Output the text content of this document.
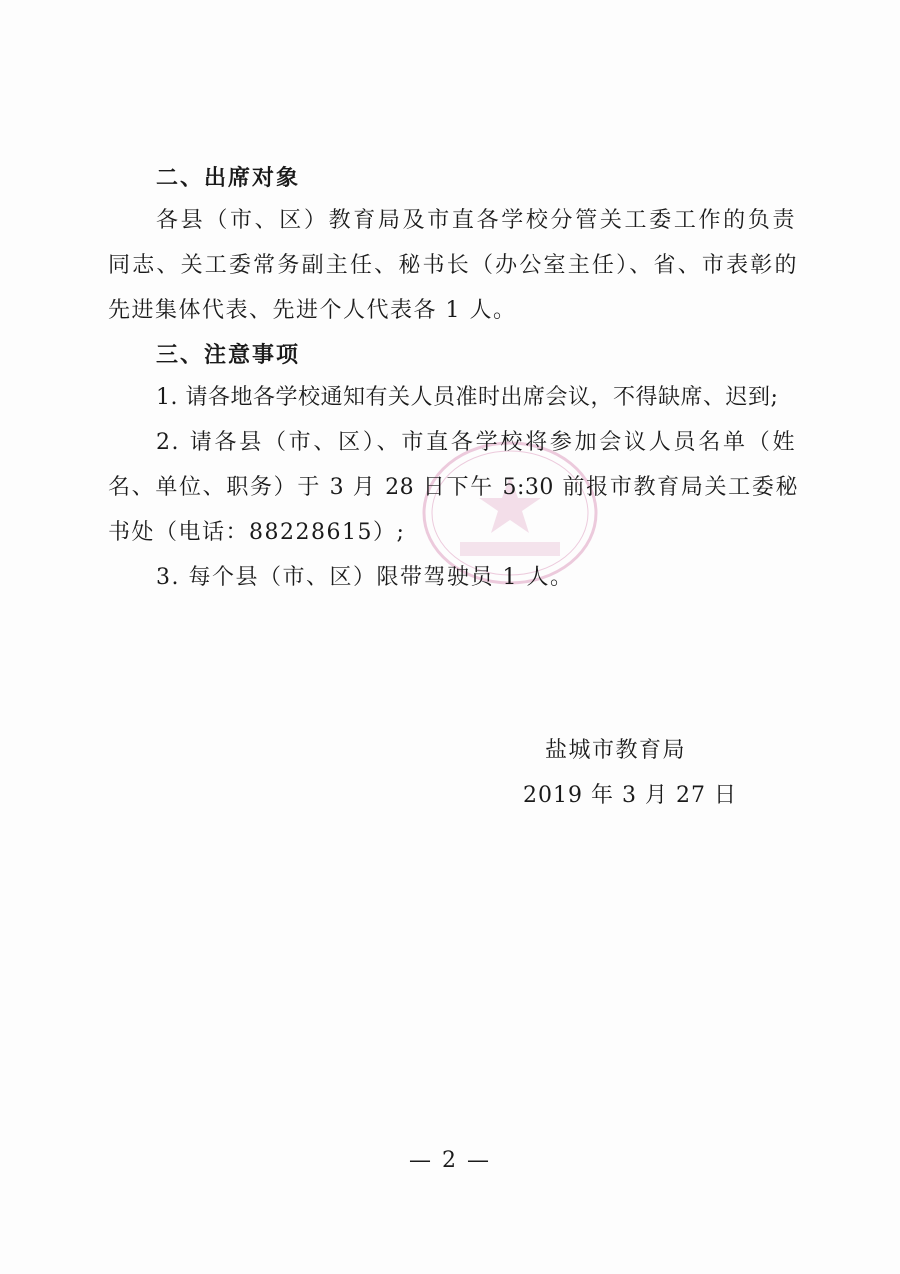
二、出席对象
各县（市、区）教育局及市直各学校分管关工委工作的负责
同志、关工委常务副主任、秘书长（办公室主任）、省、市表彰的
先进集体代表、先进个人代表各 1 人。
三、注意事项
1. 请各地各学校通知有关人员准时出席会议，不得缺席、迟到;
2. 请各县（市、区）、市直各学校将参加会议人员名单（姓
名、单位、职务）于 3 月 28 日下午 5:30 前报市教育局关工委秘
书处（电话：88228615）;
3. 每个县（市、区）限带驾驶员 1 人。
盐城市教育局
2019 年 3 月 27 日
— 2 —
